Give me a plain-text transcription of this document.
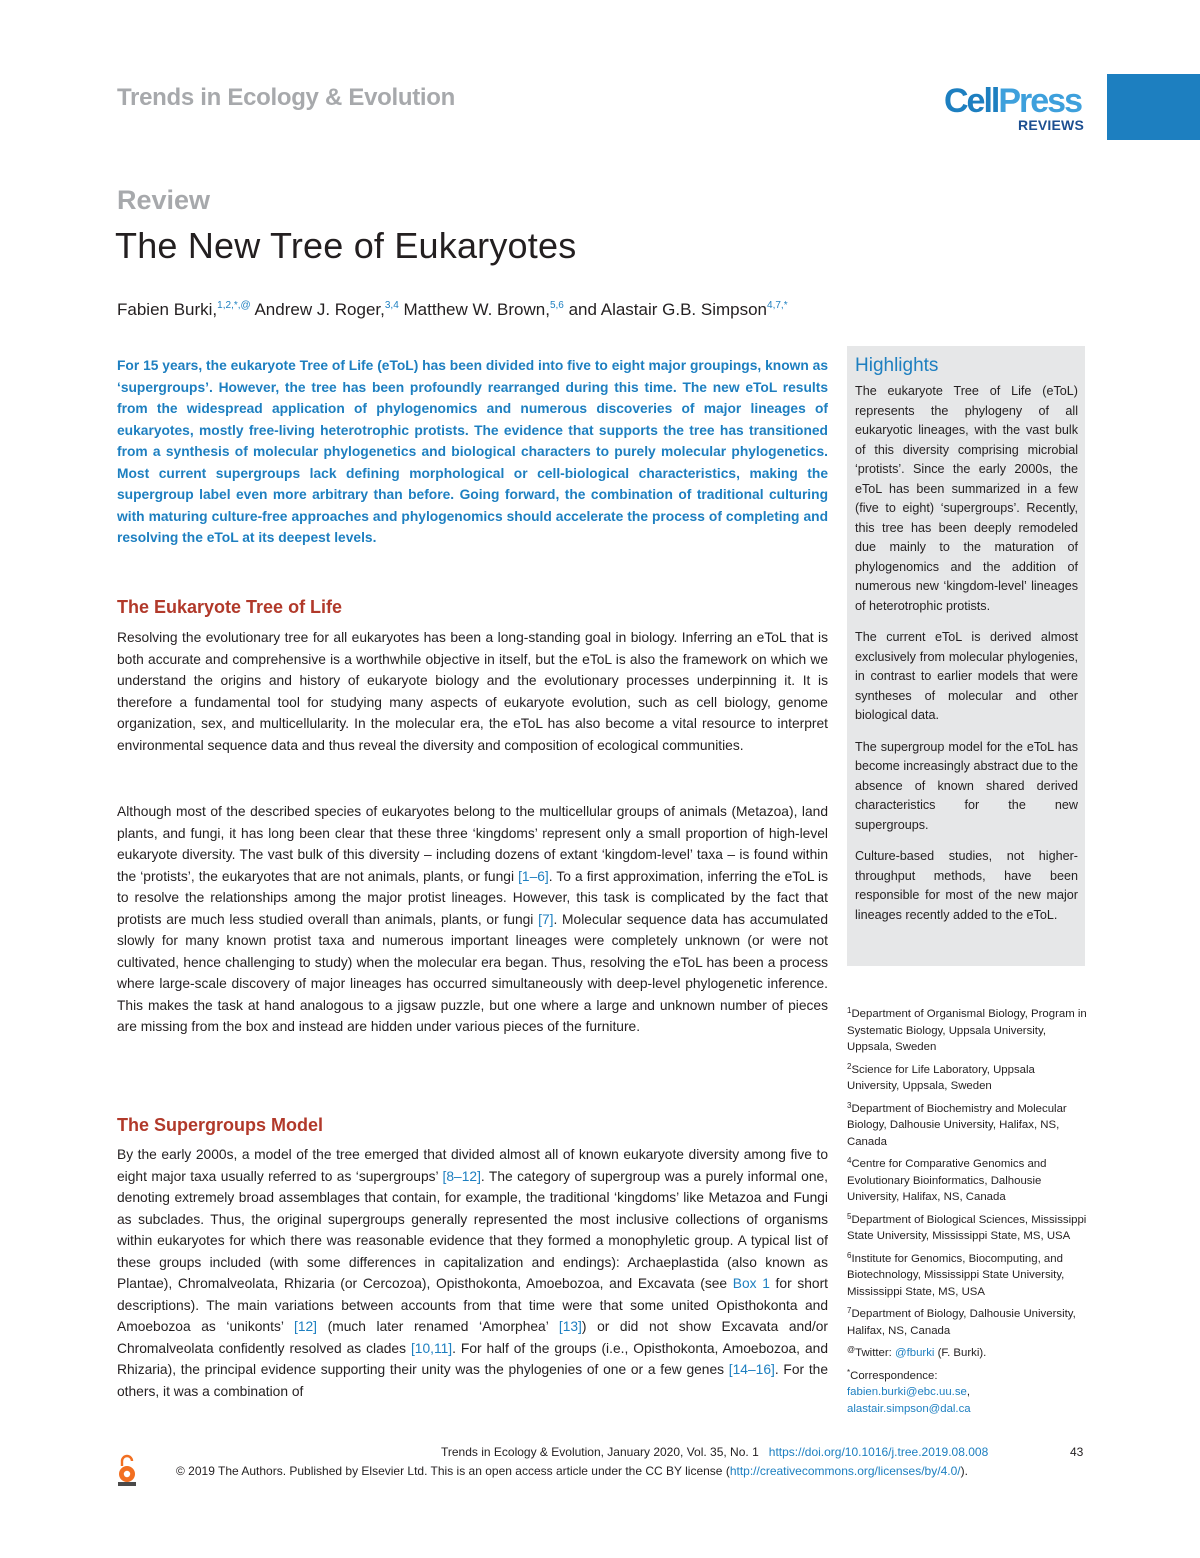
Trends in Ecology & Evolution	CellPress
REVIEWS
Review
The New Tree of Eukaryotes
Fabien Burki,$^{1,2,*,@}$ Andrew J. Roger,$^{3,4}$ Matthew W. Brown,$^{5,6}$ and Alastair G.B. Simpson$^{4,7,*}$

For 15 years, the eukaryote Tree of Life (eToL) has been divided into five to eight major groupings, known as ‘supergroups’. However, the tree has been profoundly rearranged during this time. The new eToL results from the widespread application of phylogenomics and numerous discoveries of major lineages of eukaryotes, mostly free-living heterotrophic protists. The evidence that supports the tree has transitioned from a synthesis of molecular phylogenetics and biological characters to purely molecular phylogenetics. Most current supergroups lack defining morphological or cell-biological characteristics, making the supergroup label even more arbitrary than before. Going forward, the combination of traditional culturing with maturing culture-free approaches and phylogenomics should accelerate the process of completing and resolving the eToL at its deepest levels.

The Eukaryote Tree of Life

Resolving the evolutionary tree for all eukaryotes has been a long-standing goal in biology. Inferring an eToL that is both accurate and comprehensive is a worthwhile objective in itself, but the eToL is also the framework on which we understand the origins and history of eukaryote biology and the evolutionary processes underpinning it. It is therefore a fundamental tool for studying many aspects of eukaryote evolution, such as cell biology, genome organization, sex, and multicellularity. In the molecular era, the eToL has also become a vital resource to interpret environmental sequence data and thus reveal the diversity and composition of ecological communities.

Although most of the described species of eukaryotes belong to the multicellular groups of animals (Metazoa), land plants, and fungi, it has long been clear that these three ‘kingdoms’ represent only a small proportion of high-level eukaryote diversity. The vast bulk of this diversity – including dozens of extant ‘kingdom-level’ taxa – is found within the ‘protists’, the eukaryotes that are not animals, plants, or fungi [1–6]. To a first approximation, inferring the eToL is to resolve the relationships among the major protist lineages. However, this task is complicated by the fact that protists are much less studied overall than animals, plants, or fungi [7]. Molecular sequence data has accumulated slowly for many known protist taxa and numerous important lineages were completely unknown (or were not cultivated, hence challenging to study) when the molecular era began. Thus, resolving the eToL has been a process where large-scale discovery of major lineages has occurred simultaneously with deep-level phylogenetic inference. This makes the task at hand analogous to a jigsaw puzzle, but one where a large and unknown number of pieces are missing from the box and instead are hidden under various pieces of the furniture.

The Supergroups Model

By the early 2000s, a model of the tree emerged that divided almost all of known eukaryote diversity among five to eight major taxa usually referred to as ‘supergroups’ [8–12]. The category of supergroup was a purely informal one, denoting extremely broad assemblages that contain, for example, the traditional ‘kingdoms’ like Metazoa and Fungi as subclades. Thus, the original supergroups generally represented the most inclusive collections of organisms within eukaryotes for which there was reasonable evidence that they formed a monophyletic group. A typical list of these groups included (with some differences in capitalization and endings): Archaeplastida (also known as Plantae), Chromalveolata, Rhizaria (or Cercozoa), Opisthokonta, Amoebozoa, and Excavata (see Box 1 for short descriptions). The main variations between accounts from that time were that some united Opisthokonta and Amoebozoa as ‘unikonts’ [12] (much later renamed ‘Amorphea’ [13]) or did not show Excavata and/or Chromalveolata confidently resolved as clades [10,11]. For half of the groups (i.e., Opisthokonta, Amoebozoa, and Rhizaria), the principal evidence supporting their unity was the phylogenies of one or a few genes [14–16]. For the others, it was a combination of

Highlights

The eukaryote Tree of Life (eToL) represents the phylogeny of all eukaryotic lineages, with the vast bulk of this diversity comprising microbial ‘protists’. Since the early 2000s, the eToL has been summarized in a few (five to eight) ‘supergroups’. Recently, this tree has been deeply remodeled due mainly to the maturation of phylogenomics and the addition of numerous new ‘kingdom-level’ lineages of heterotrophic protists.

The current eToL is derived almost exclusively from molecular phylogenies, in contrast to earlier models that were syntheses of molecular and other biological data.

The supergroup model for the eToL has become increasingly abstract due to the absence of known shared derived characteristics for the new supergroups.

Culture-based studies, not higher-throughput methods, have been responsible for most of the new major lineages recently added to the eToL.

$^1$Department of Organismal Biology, Program in Systematic Biology, Uppsala University, Uppsala, Sweden

$^2$Science for Life Laboratory, Uppsala University, Uppsala, Sweden

$^3$Department of Biochemistry and Molecular Biology, Dalhousie University, Halifax, NS, Canada

$^4$Centre for Comparative Genomics and Evolutionary Bioinformatics, Dalhousie University, Halifax, NS, Canada

$^5$Department of Biological Sciences, Mississippi State University, Mississippi State, MS, USA

$^6$Institute for Genomics, Biocomputing, and Biotechnology, Mississippi State University, Mississippi State, MS, USA

$^7$Department of Biology, Dalhousie University, Halifax, NS, Canada

@Twitter: @fburki (F. Burki).

*Correspondence:
fabien.burki@ebc.uu.se,
alastair.simpson@dal.ca

Trends in Ecology & Evolution, January 2020, Vol. 35, No. 1 https://doi.org/10.1016/j.tree.2019.08.008	43
© 2019 The Authors. Published by Elsevier Ltd. This is an open access article under the CC BY license (http://creativecommons.org/licenses/by/4.0/).
